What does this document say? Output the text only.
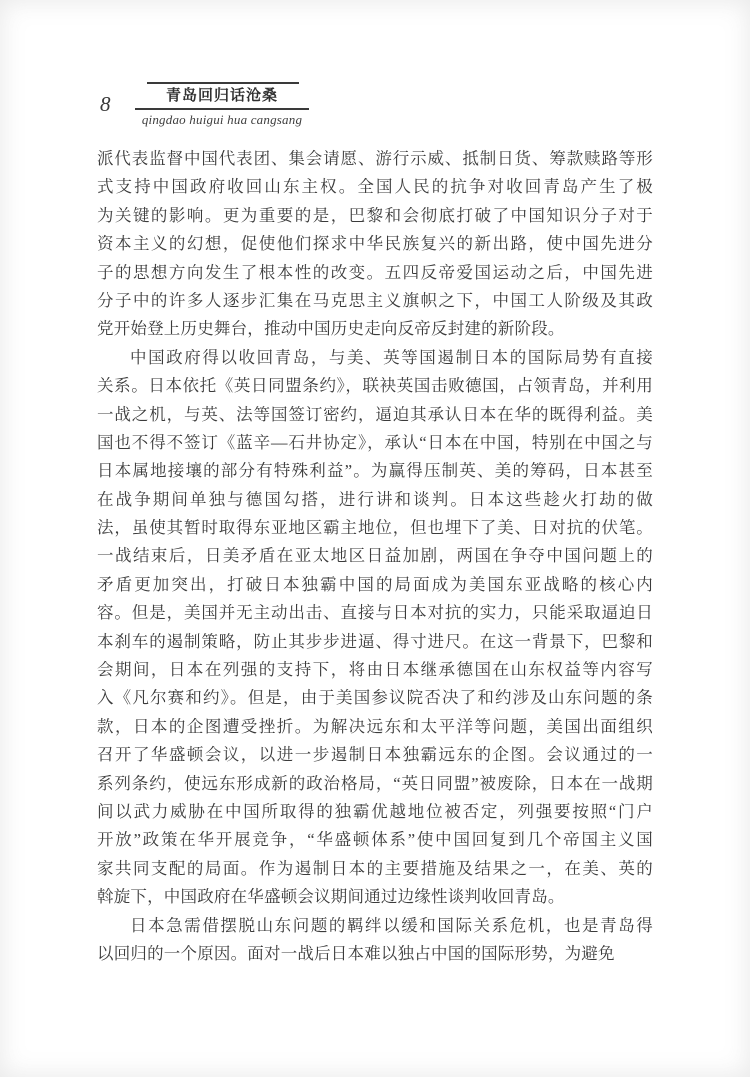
8	青岛回归话沧桑
qingdao huigui hua cangsang
派代表监督中国代表团、集会请愿、游行示威、抵制日货、筹款赎路等形
式支持中国政府收回山东主权。全国人民的抗争对收回青岛产生了极
为关键的影响。更为重要的是，巴黎和会彻底打破了中国知识分子对于
资本主义的幻想，促使他们探求中华民族复兴的新出路，使中国先进分
子的思想方向发生了根本性的改变。五四反帝爱国运动之后，中国先进
分子中的许多人逐步汇集在马克思主义旗帜之下，中国工人阶级及其政
党开始登上历史舞台，推动中国历史走向反帝反封建的新阶段。
中国政府得以收回青岛，与美、英等国遏制日本的国际局势有直接
关系。日本依托《英日同盟条约》，联袂英国击败德国，占领青岛，并利用
一战之机，与英、法等国签订密约，逼迫其承认日本在华的既得利益。美
国也不得不签订《蓝辛—石井协定》，承认“日本在中国，特别在中国之与
日本属地接壤的部分有特殊利益”。为赢得压制英、美的筹码，日本甚至
在战争期间单独与德国勾搭，进行讲和谈判。日本这些趁火打劫的做
法，虽使其暂时取得东亚地区霸主地位，但也埋下了美、日对抗的伏笔。
一战结束后，日美矛盾在亚太地区日益加剧，两国在争夺中国问题上的
矛盾更加突出，打破日本独霸中国的局面成为美国东亚战略的核心内
容。但是，美国并无主动出击、直接与日本对抗的实力，只能采取逼迫日
本刹车的遏制策略，防止其步步进逼、得寸进尺。在这一背景下，巴黎和
会期间，日本在列强的支持下，将由日本继承德国在山东权益等内容写
入《凡尔赛和约》。但是，由于美国参议院否决了和约涉及山东问题的条
款，日本的企图遭受挫折。为解决远东和太平洋等问题，美国出面组织
召开了华盛顿会议，以进一步遏制日本独霸远东的企图。会议通过的一
系列条约，使远东形成新的政治格局，“英日同盟”被废除，日本在一战期
间以武力威胁在中国所取得的独霸优越地位被否定，列强要按照“门户
开放”政策在华开展竞争，“华盛顿体系”使中国回复到几个帝国主义国
家共同支配的局面。作为遏制日本的主要措施及结果之一，在美、英的
斡旋下，中国政府在华盛顿会议期间通过边缘性谈判收回青岛。
日本急需借摆脱山东问题的羁绊以缓和国际关系危机，也是青岛得
以回归的一个原因。面对一战后日本难以独占中国的国际形势，为避免
